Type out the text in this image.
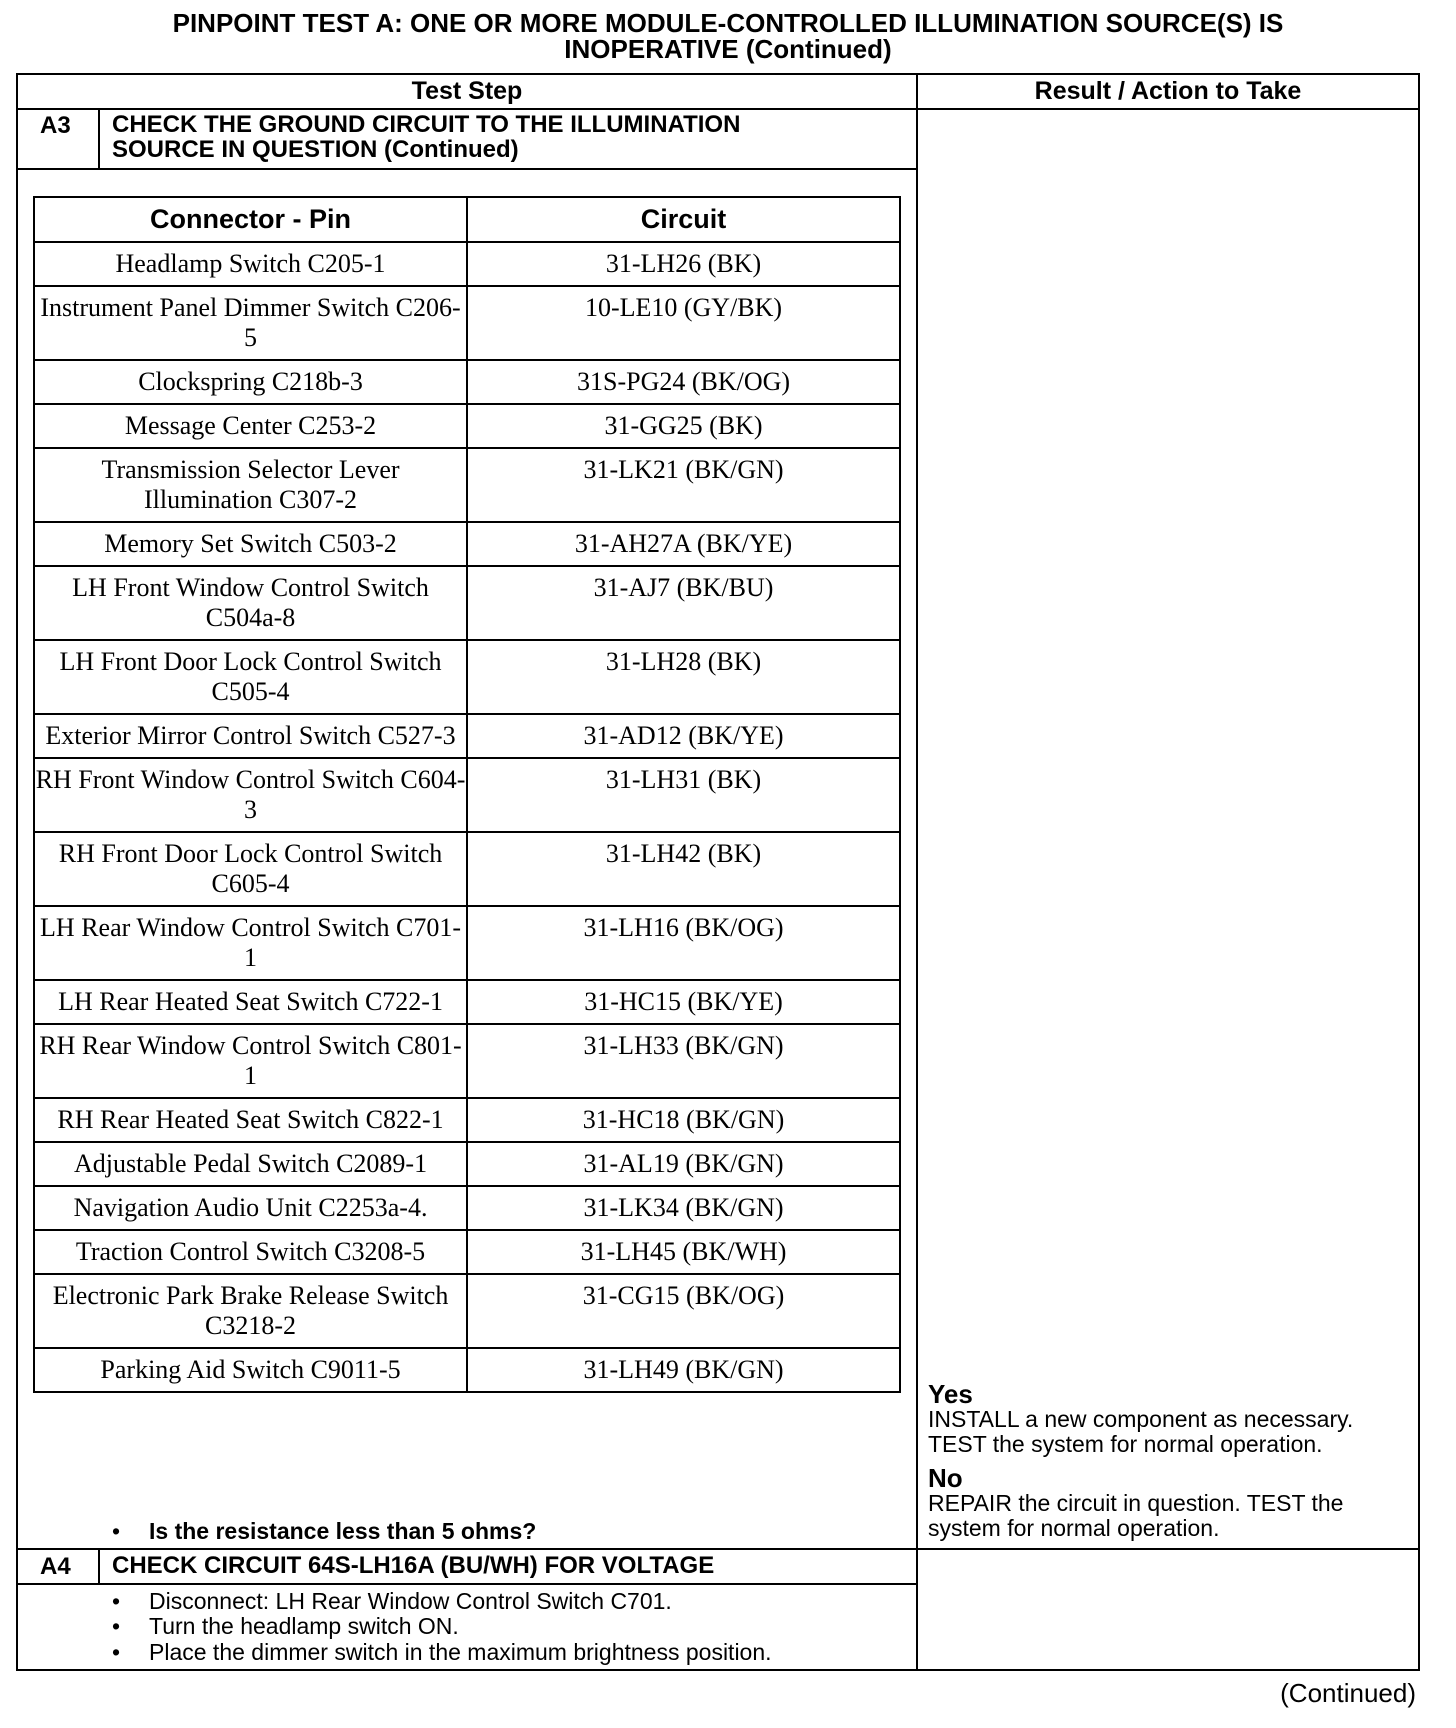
PINPOINT TEST A: ONE OR MORE MODULE-CONTROLLED ILLUMINATION SOURCE(S) IS
INOPERATIVE (Continued)
Test Step	Result / Action to Take
A3 CHECK THE GROUND CIRCUIT TO THE ILLUMINATION
SOURCE IN QUESTION (Continued)
Connector - Pin	Circuit
Headlamp Switch C205-1	31-LH26 (BK)
Instrument Panel Dimmer Switch C206-5	10-LE10 (GY/BK)
Clockspring C218b-3	31S-PG24 (BK/OG)
Message Center C253-2	31-GG25 (BK)
Transmission Selector Lever Illumination C307-2	31-LK21 (BK/GN)
Memory Set Switch C503-2	31-AH27A (BK/YE)
LH Front Window Control Switch C504a-8	31-AJ7 (BK/BU)
LH Front Door Lock Control Switch C505-4	31-LH28 (BK)
Exterior Mirror Control Switch C527-3	31-AD12 (BK/YE)
RH Front Window Control Switch C604-3	31-LH31 (BK)
RH Front Door Lock Control Switch C605-4	31-LH42 (BK)
LH Rear Window Control Switch C701-1	31-LH16 (BK/OG)
LH Rear Heated Seat Switch C722-1	31-HC15 (BK/YE)
RH Rear Window Control Switch C801-1	31-LH33 (BK/GN)
RH Rear Heated Seat Switch C822-1	31-HC18 (BK/GN)
Adjustable Pedal Switch C2089-1	31-AL19 (BK/GN)
Navigation Audio Unit C2253a-4.	31-LK34 (BK/GN)
Traction Control Switch C3208-5	31-LH45 (BK/WH)
Electronic Park Brake Release Switch C3218-2	31-CG15 (BK/OG)
Parking Aid Switch C9011-5	31-LH49 (BK/GN)
• Is the resistance less than 5 ohms?
Yes
INSTALL a new component as necessary.
TEST the system for normal operation.
No
REPAIR the circuit in question. TEST the
system for normal operation.
A4 CHECK CIRCUIT 64S-LH16A (BU/WH) FOR VOLTAGE
• Disconnect: LH Rear Window Control Switch C701.
• Turn the headlamp switch ON.
• Place the dimmer switch in the maximum brightness position.
(Continued)
